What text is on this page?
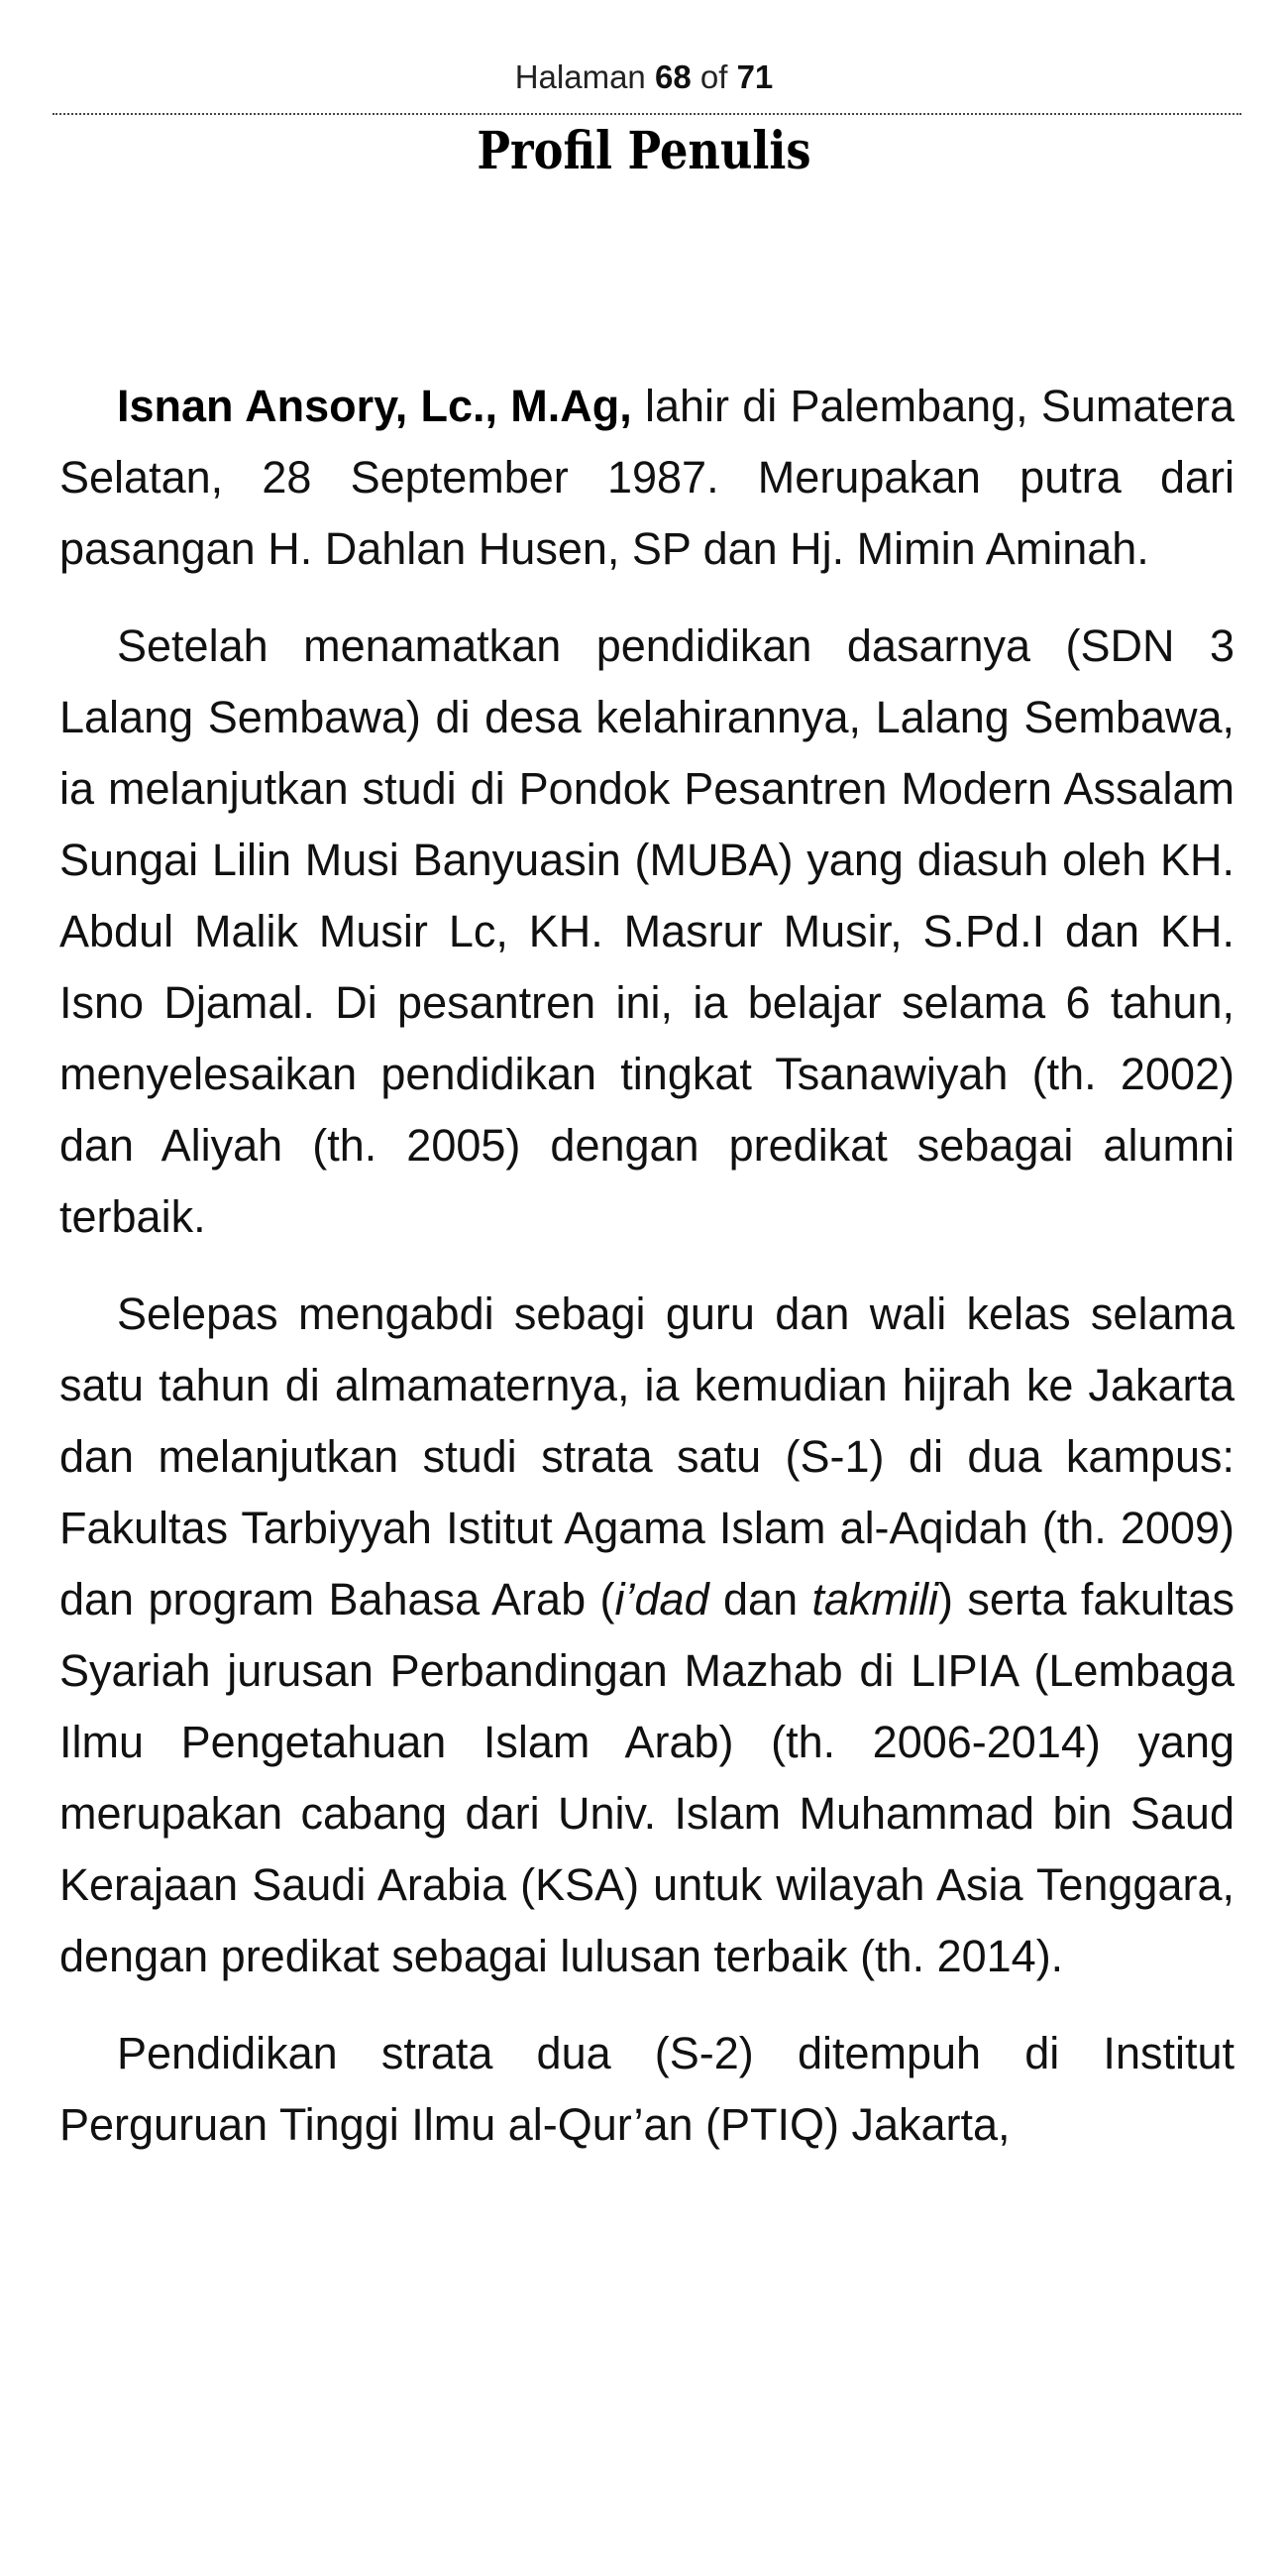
Halaman 68 of 71
Profil Penulis

Isnan Ansory, Lc., M.Ag, lahir di Palembang, Sumatera Selatan, 28 September 1987. Merupakan putra dari pasangan H. Dahlan Husen, SP dan Hj. Mimin Aminah.

Setelah menamatkan pendidikan dasarnya (SDN 3 Lalang Sembawa) di desa kelahirannya, Lalang Sembawa, ia melanjutkan studi di Pondok Pesantren Modern Assalam Sungai Lilin Musi Banyuasin (MUBA) yang diasuh oleh KH. Abdul Malik Musir Lc, KH. Masrur Musir, S.Pd.I dan KH. Isno Djamal. Di pesantren ini, ia belajar selama 6 tahun, menyelesaikan pendidikan tingkat Tsanawiyah (th. 2002) dan Aliyah (th. 2005) dengan predikat sebagai alumni terbaik.

Selepas mengabdi sebagi guru dan wali kelas selama satu tahun di almamaternya, ia kemudian hijrah ke Jakarta dan melanjutkan studi strata satu (S-1) di dua kampus: Fakultas Tarbiyyah Istitut Agama Islam al-Aqidah (th. 2009) dan program Bahasa Arab (i’dad dan takmili) serta fakultas Syariah jurusan Perbandingan Mazhab di LIPIA (Lembaga Ilmu Pengetahuan Islam Arab) (th. 2006-2014) yang merupakan cabang dari Univ. Islam Muhammad bin Saud Kerajaan Saudi Arabia (KSA) untuk wilayah Asia Tenggara, dengan predikat sebagai lulusan terbaik (th. 2014).

Pendidikan strata dua (S-2) ditempuh di Institut Perguruan Tinggi Ilmu al-Qur’an (PTIQ) Jakarta,
